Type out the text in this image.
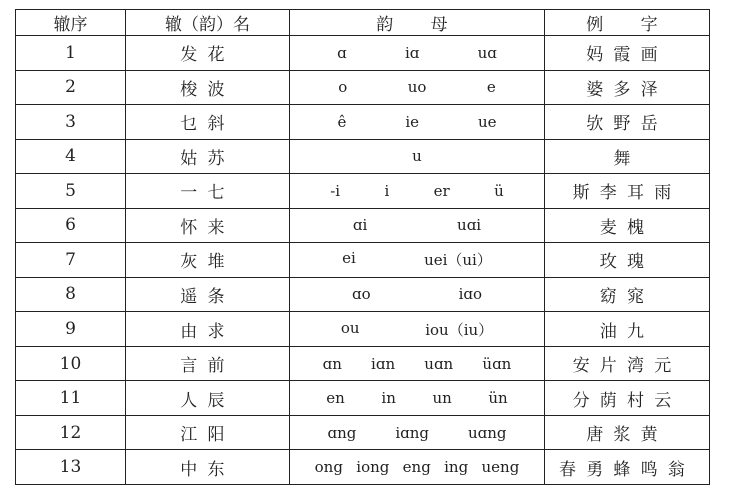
辙序	辙（韵）名	韵　母	例　字
1	发花	ɑ iɑ uɑ	妈霞画
2	梭波	o uo e	婆多泽
3	乜斜	ê ie ue	欤野岳
4	姑苏	u	舞
5	一七	-i i er ü	斯李耳雨
6	怀来	ɑi uɑi	麦槐
7	灰堆	ei uei（ui）	玫瑰
8	遥条	ɑo iɑo	窈窕
9	由求	ou iou（iu）	油九
10	言前	ɑn iɑn uɑn üɑn	安片湾元
11	人辰	en in un ün	分荫村云
12	江阳	ɑng iɑng uɑng	唐浆黄
13	中东	ong iong eng ing ueng	春勇蜂鸣翁
